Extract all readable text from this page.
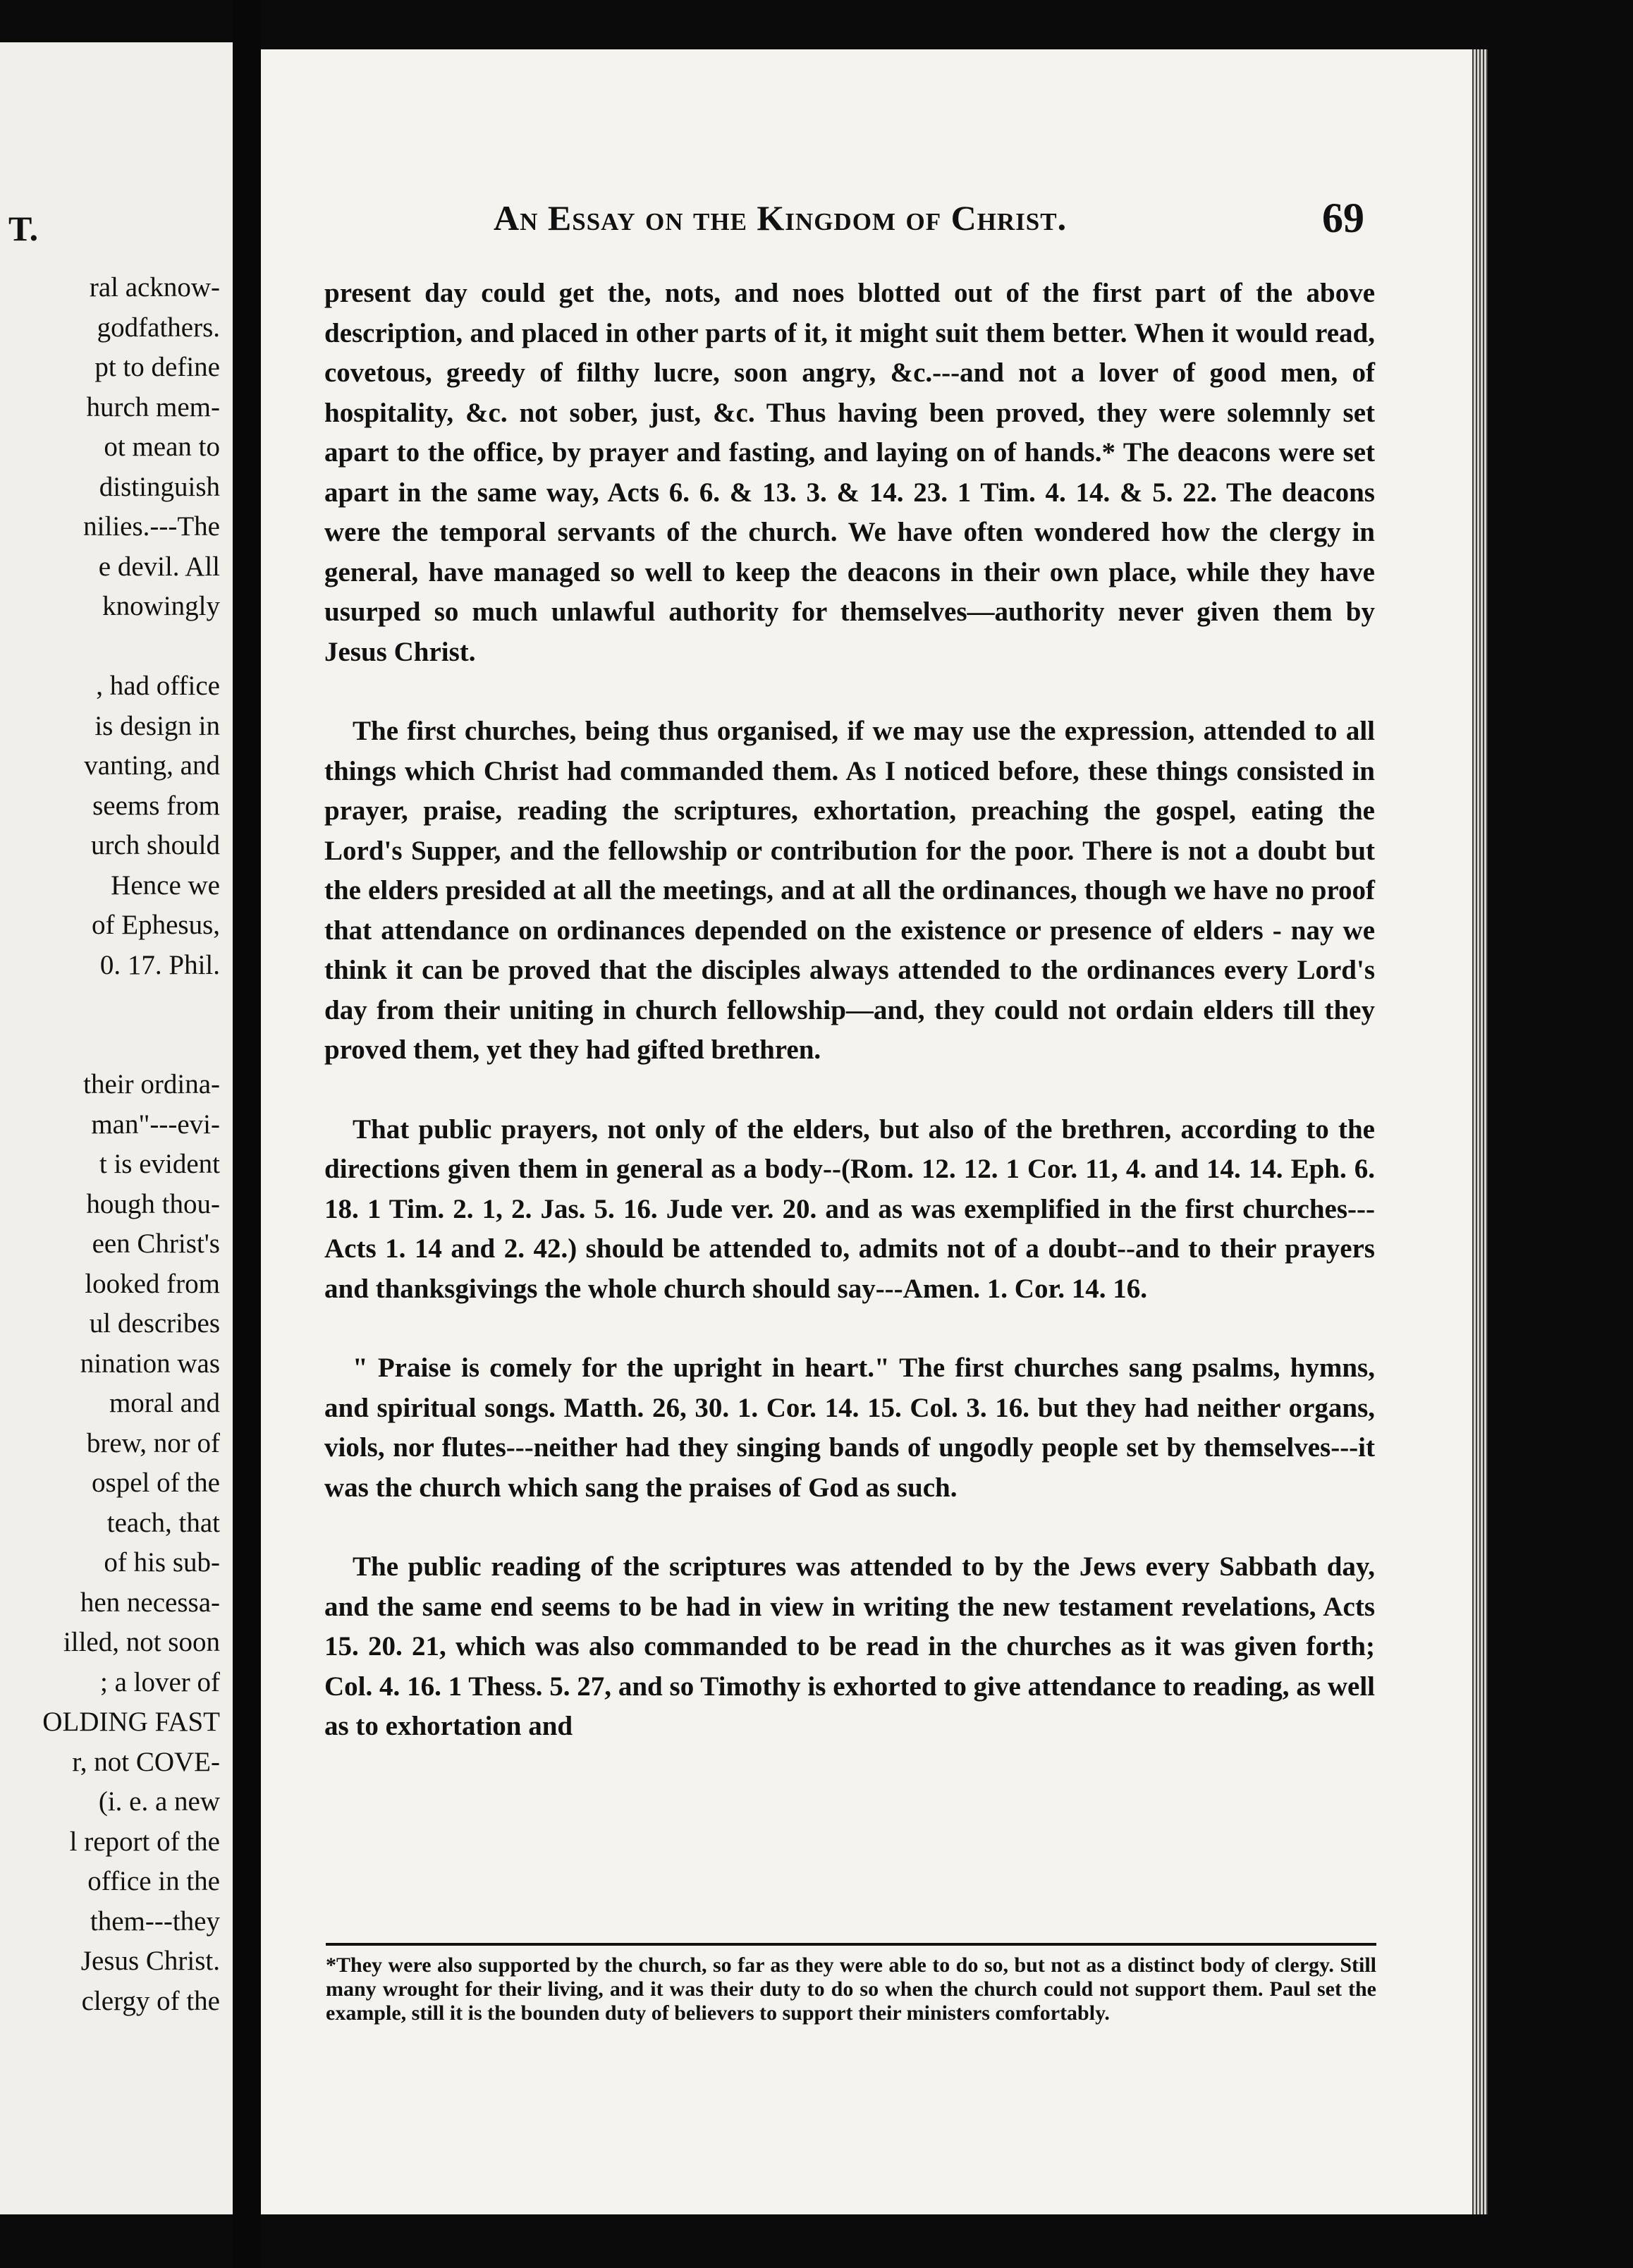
T.
ral acknow-
godfathers.
pt to define
hurch mem-
ot mean to
distinguish
nilies.---The
e devil. All
knowingly
, had office
is design in
vanting, and
seems from
urch should
Hence we
of Ephesus,
0. 17. Phil.
their ordina-
man"---evi-
t is evident
hough thou-
een Christ's
looked from
ul describes
nination was
moral and
brew, nor of
ospel of the
teach, that
of his sub-
hen necessa-
illed, not soon
; a lover of
OLDING FAST
r, not COVE-
(i. e. a new
l report of the
office in the
them---they
Jesus Christ.
clergy of the
An Essay on the Kingdom of Christ.	69

present day could get the, nots, and noes blotted out of the first part of the above description, and placed in other parts of it, it might suit them better. When it would read, covetous, greedy of filthy lucre, soon angry, &c.---and not a lover of good men, of hospitality, &c. not sober, just, &c. Thus having been proved, they were solemnly set apart to the office, by prayer and fasting, and laying on of hands.* The deacons were set apart in the same way, Acts 6. 6. & 13. 3. & 14. 23. 1 Tim. 4. 14. & 5. 22. The deacons were the temporal servants of the church. We have often wondered how the clergy in general, have managed so well to keep the deacons in their own place, while they have usurped so much unlawful authority for themselves—authority never given them by Jesus Christ.

The first churches, being thus organised, if we may use the expression, attended to all things which Christ had commanded them. As I noticed before, these things consisted in prayer, praise, reading the scriptures, exhortation, preaching the gospel, eating the Lord's Supper, and the fellowship or contribution for the poor. There is not a doubt but the elders presided at all the meetings, and at all the ordinances, though we have no proof that attendance on ordinances depended on the existence or presence of elders - nay we think it can be proved that the disciples always attended to the ordinances every Lord's day from their uniting in church fellowship—and, they could not ordain elders till they proved them, yet they had gifted brethren.

That public prayers, not only of the elders, but also of the brethren, according to the directions given them in general as a body--(Rom. 12. 12. 1 Cor. 11, 4. and 14. 14. Eph. 6. 18. 1 Tim. 2. 1, 2. Jas. 5. 16. Jude ver. 20. and as was exemplified in the first churches---Acts 1. 14 and 2. 42.) should be attended to, admits not of a doubt--and to their prayers and thanksgivings the whole church should say---Amen. 1. Cor. 14. 16.

" Praise is comely for the upright in heart." The first churches sang psalms, hymns, and spiritual songs. Matth. 26, 30. 1. Cor. 14. 15. Col. 3. 16. but they had neither organs, viols, nor flutes---neither had they singing bands of ungodly people set by themselves---it was the church which sang the praises of God as such.

The public reading of the scriptures was attended to by the Jews every Sabbath day, and the same end seems to be had in view in writing the new testament revelations, Acts 15. 20. 21, which was also commanded to be read in the churches as it was given forth; Col. 4. 16. 1 Thess. 5. 27, and so Timothy is exhorted to give attendance to reading, as well as to exhortation and

*They were also supported by the church, so far as they were able to do so, but not as a distinct body of clergy. Still many wrought for their living, and it was their duty to do so when the church could not support them. Paul set the example, still it is the bounden duty of believers to support their ministers comfortably.
